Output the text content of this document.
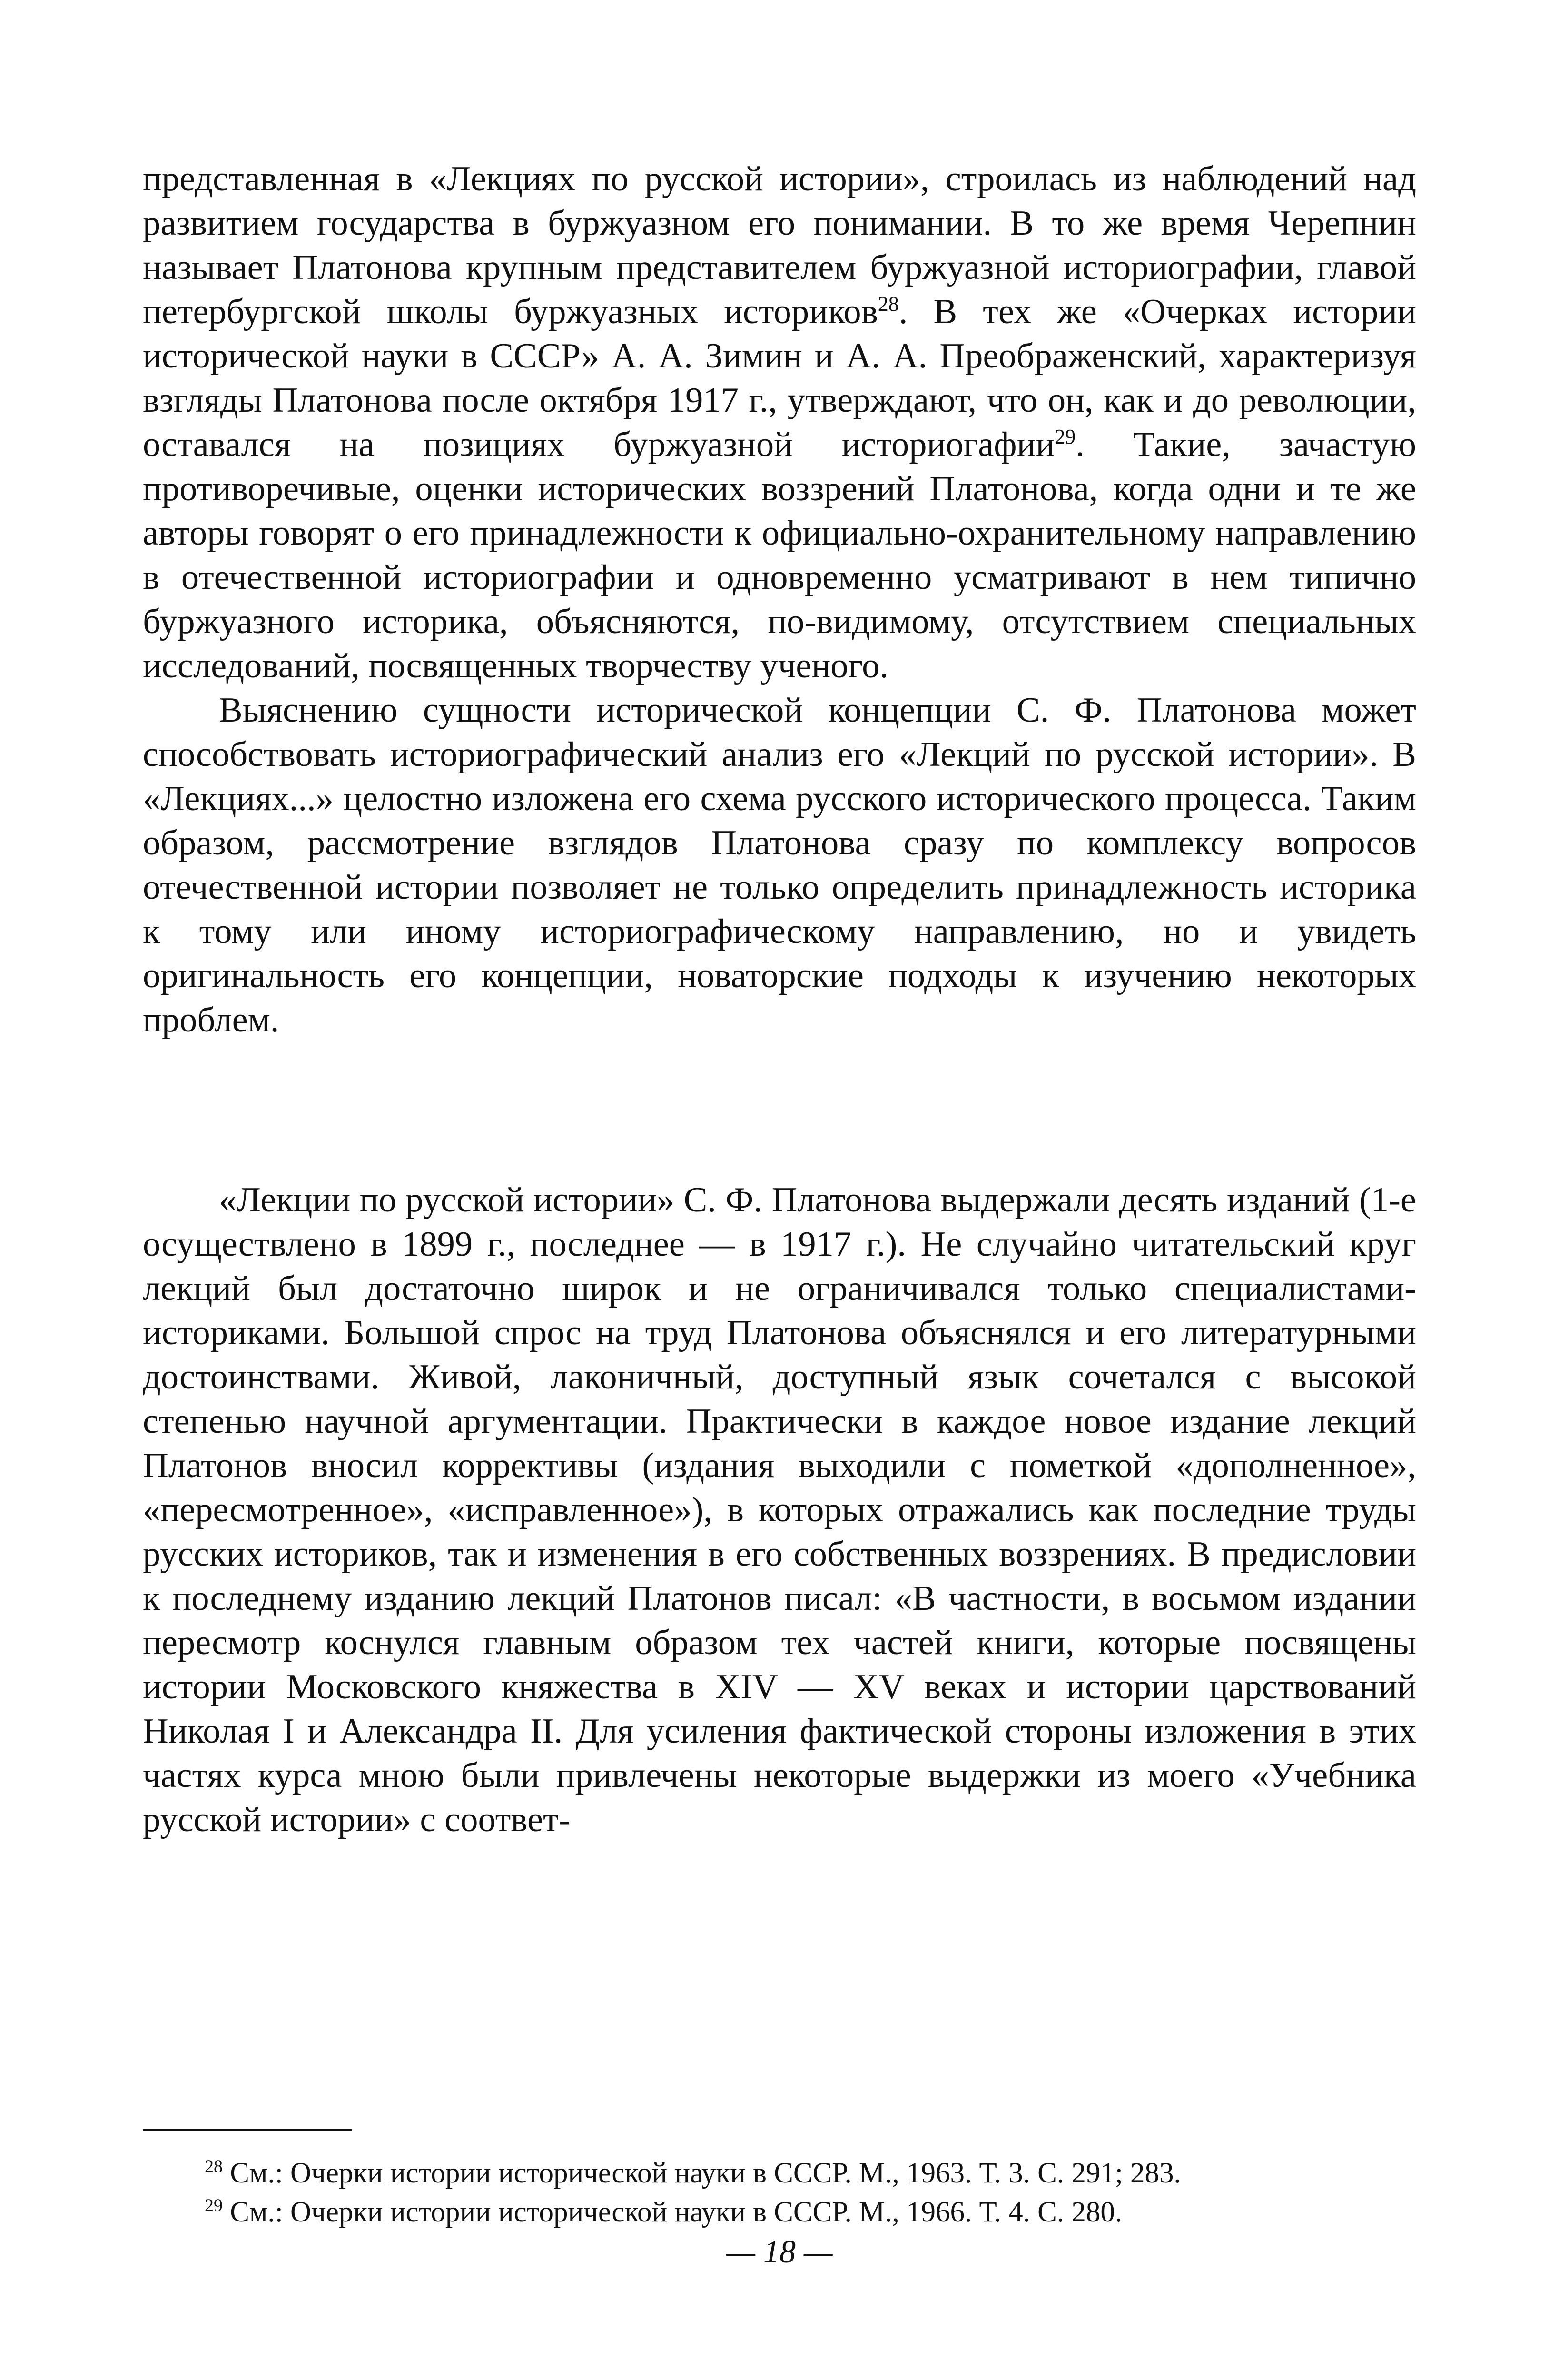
представленная в «Лекциях по русской истории», строилась из наблюдений над развитием государства в буржуазном его понимании. В то же время Черепнин называет Платонова крупным представителем буржуазной историографии, главой петербургской школы буржуазных историков$^{28}$. В тех же «Очерках истории исторической науки в СССР» А. А. Зимин и А. А. Преображенский, характеризуя взгляды Платонова после октября 1917 г., утверждают, что он, как и до революции, оставался на позициях буржуазной историогафии$^{29}$. Такие, зачастую противоречивые, оценки исторических воззрений Платонова, когда одни и те же авторы говорят о его принадлежности к официально-охранительному направлению в отечественной историографии и одновременно усматривают в нем типично буржуазного историка, объясняются, по-видимому, отсутствием специальных исследований, посвященных творчеству ученого.

Выяснению сущности исторической концепции С. Ф. Платонова может способствовать историографический анализ его «Лекций по русской истории». В «Лекциях...» целостно изложена его схема русского исторического процесса. Таким образом, рассмотрение взглядов Платонова сразу по комплексу вопросов отечественной истории позволяет не только определить принадлежность историка к тому или иному историографическому направлению, но и увидеть оригинальность его концепции, новаторские подходы к изучению некоторых проблем.

«Лекции по русской истории» С. Ф. Платонова выдержали десять изданий (1-е осуществлено в 1899 г., последнее — в 1917 г.). Не случайно читательский круг лекций был достаточно широк и не ограничивался только специалистами-историками. Большой спрос на труд Платонова объяснялся и его литературными достоинствами. Живой, лаконичный, доступный язык сочетался с высокой степенью научной аргументации. Практически в каждое новое издание лекций Платонов вносил коррективы (издания выходили с пометкой «дополненное», «пересмотренное», «исправленное»), в которых отражались как последние труды русских историков, так и изменения в его собственных воззрениях. В предисловии к последнему изданию лекций Платонов писал: «В частности, в восьмом издании пересмотр коснулся главным образом тех частей книги, которые посвящены истории Московского княжества в XIV — XV веках и истории царствований Николая I и Александра II. Для усиления фактической стороны изложения в этих частях курса мною были привлечены некоторые выдержки из моего «Учебника русской истории» с соответ-

$^{28}$ См.: Очерки истории исторической науки в СССР. М., 1963. Т. 3. С. 291; 283.

$^{29}$ См.: Очерки истории исторической науки в СССР. М., 1966. Т. 4. С. 280.

— 18 —
